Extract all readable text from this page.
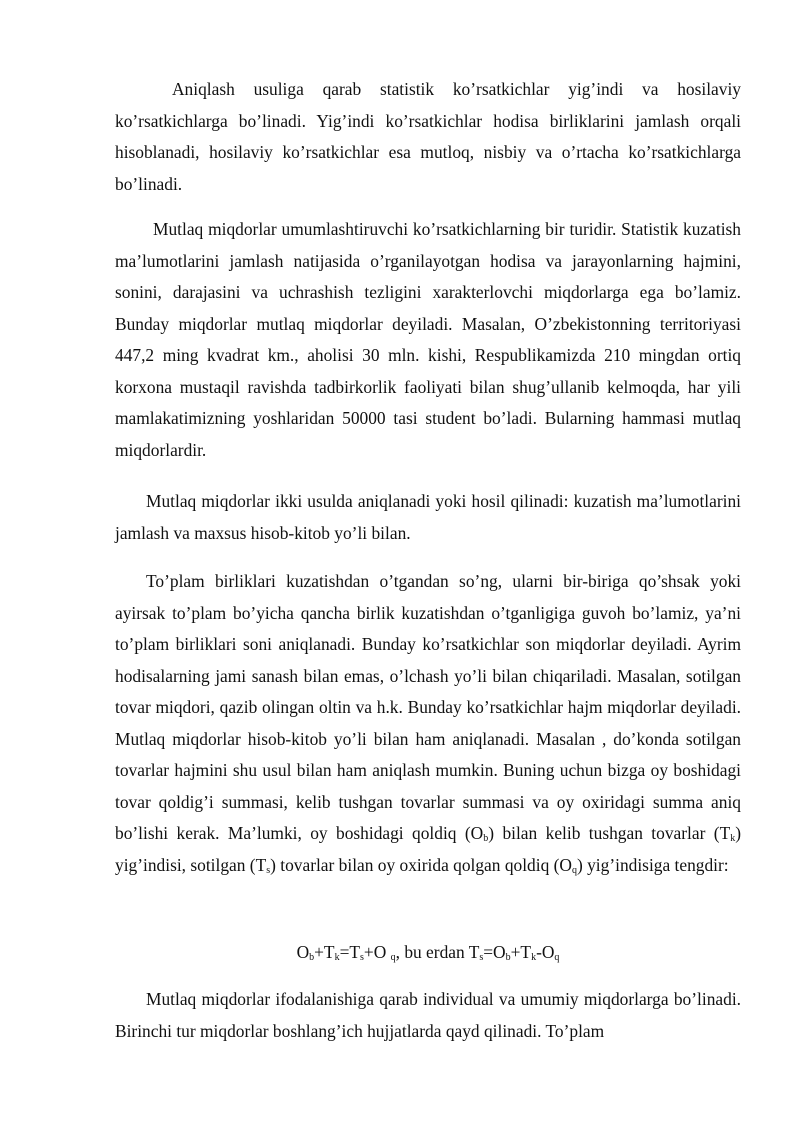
Aniqlash usuliga qarab statistik ko’rsatkichlar yig’indi va hosilaviy ko’rsatkichlarga bo’linadi. Yig’indi ko’rsatkichlar hodisa birliklarini jamlash orqali hisoblanadi, hosilaviy ko’rsatkichlar esa mutloq, nisbiy va o’rtacha ko’rsatkichlarga bo’linadi.

Mutlaq miqdorlar umumlashtiruvchi ko’rsatkichlarning bir turidir. Statistik kuzatish ma’lumotlarini jamlash natijasida o’rganilayotgan hodisa va jarayonlarning hajmini, sonini, darajasini va uchrashish tezligini xarakterlovchi miqdorlarga ega bo’lamiz. Bunday miqdorlar mutlaq miqdorlar deyiladi. Masalan, O’zbekistonning territoriyasi 447,2 ming kvadrat km., aholisi 30 mln. kishi, Respublikamizda 210 mingdan ortiq korxona mustaqil ravishda tadbirkorlik faoliyati bilan shug’ullanib kelmoqda, har yili mamlakatimizning yoshlaridan 50000 tasi student bo’ladi. Bularning hammasi mutlaq miqdorlardir.

Mutlaq miqdorlar ikki usulda aniqlanadi yoki hosil qilinadi: kuzatish ma’lumotlarini jamlash va maxsus hisob-kitob yo’li bilan.

To’plam birliklari kuzatishdan o’tgandan so’ng, ularni bir-biriga qo’shsak yoki ayirsak to’plam bo’yicha qancha birlik kuzatishdan o’tganligiga guvoh bo’lamiz, ya’ni to’plam birliklari soni aniqlanadi. Bunday ko’rsatkichlar son miqdorlar deyiladi. Ayrim hodisalarning jami sanash bilan emas, o’lchash yo’li bilan chiqariladi. Masalan, sotilgan tovar miqdori, qazib olingan oltin va h.k. Bunday ko’rsatkichlar hajm miqdorlar deyiladi. Mutlaq miqdorlar hisob-kitob yo’li bilan ham aniqlanadi. Masalan , do’konda sotilgan tovarlar hajmini shu usul bilan ham aniqlash mumkin. Buning uchun bizga oy boshidagi tovar qoldig’i summasi, kelib tushgan tovarlar summasi va oy oxiridagi summa aniq bo’lishi kerak. Ma’lumki, oy boshidagi qoldiq $(O_b)$ bilan kelib tushgan tovarlar $(T_k)$ yig’indisi, sotilgan $(T_s)$ tovarlar bilan oy oxirida qolgan qoldiq $(O_q)$ yig’indisiga tengdir:

$O_b+T_k=T_s+O$ $_q$, bu erdan $T_s=O_b+T_k-O_q$

Mutlaq miqdorlar ifodalanishiga qarab individual va umumiy miqdorlarga bo’linadi. Birinchi tur miqdorlar boshlang’ich hujjatlarda qayd qilinadi. To’plam
